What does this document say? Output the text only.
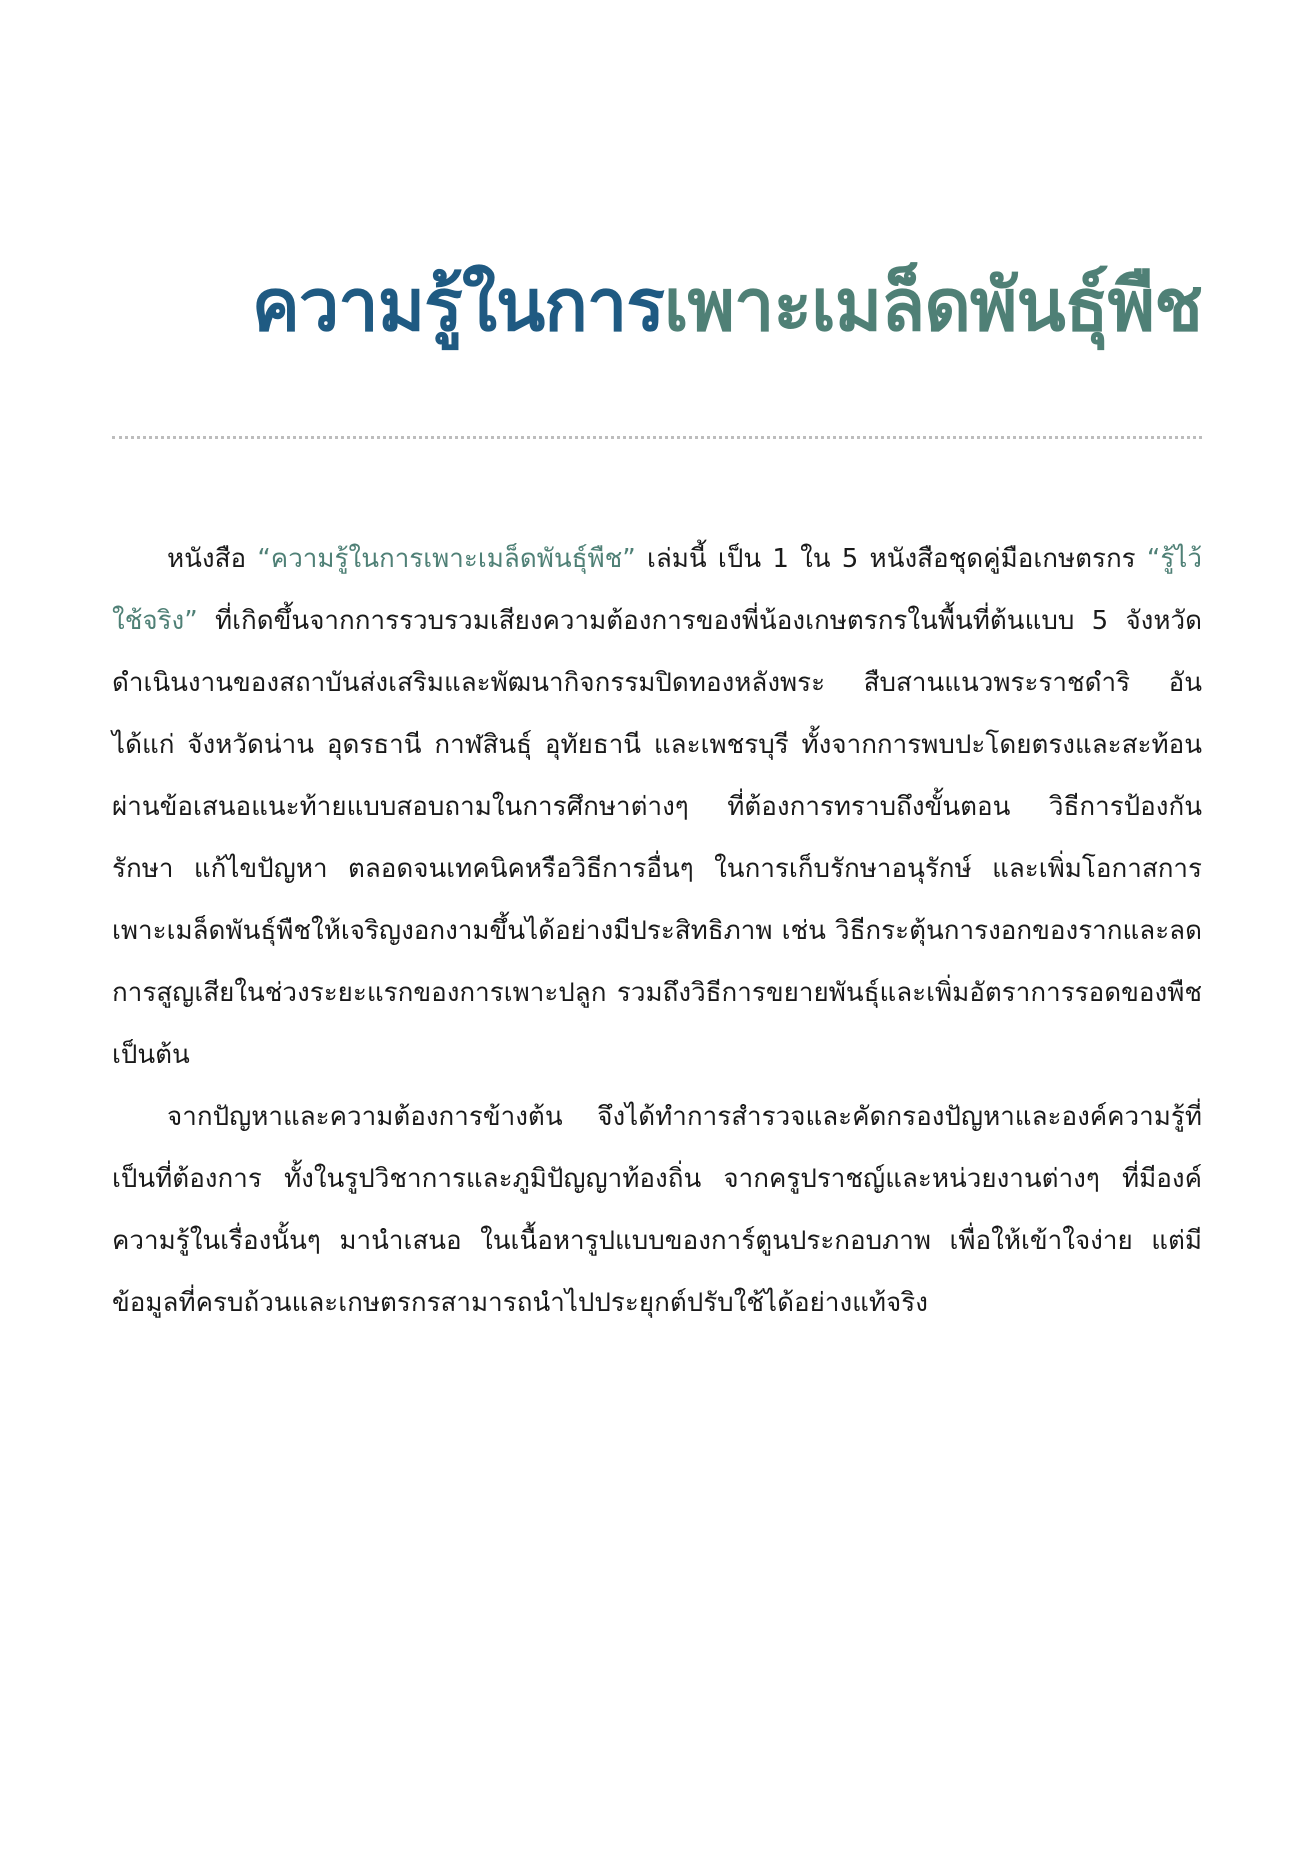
ความรู้ในการเพาะเมล็ดพันธุ์พืช

หนังสือ “ความรู้ในการเพาะเมล็ดพันธุ์พืช” เล่มนี้ เป็น 1 ใน 5 หนังสือชุดคู่มือเกษตรกร “รู้ไว้ใช้จริง” ที่เกิดขึ้นจากการรวบรวมเสียงความต้องการของพี่น้องเกษตรกรในพื้นที่ต้นแบบ 5 จังหวัดดำเนินงานของสถาบันส่งเสริมและพัฒนากิจกรรมปิดทองหลังพระ สืบสานแนวพระราชดำริ อันได้แก่ จังหวัดน่าน อุดรธานี กาฬสินธุ์ อุทัยธานี และเพชรบุรี ทั้งจากการพบปะโดยตรงและสะท้อนผ่านข้อเสนอแนะท้ายแบบสอบถามในการศึกษาต่างๆ ที่ต้องการทราบถึงขั้นตอน วิธีการป้องกันรักษา แก้ไขปัญหา ตลอดจนเทคนิคหรือวิธีการอื่นๆ ในการเก็บรักษาอนุรักษ์ และเพิ่มโอกาสการเพาะเมล็ดพันธุ์พืชให้เจริญงอกงามขึ้นได้อย่างมีประสิทธิภาพ เช่น วิธีกระตุ้นการงอกของรากและลดการสูญเสียในช่วงระยะแรกของการเพาะปลูก รวมถึงวิธีการขยายพันธุ์และเพิ่มอัตราการรอดของพืช เป็นต้น

จากปัญหาและความต้องการข้างต้น จึงได้ทำการสำรวจและคัดกรองปัญหาและองค์ความรู้ที่เป็นที่ต้องการ ทั้งในรูปวิชาการและภูมิปัญญาท้องถิ่น จากครูปราชญ์และหน่วยงานต่างๆ ที่มีองค์ความรู้ในเรื่องนั้นๆ มานำเสนอ ในเนื้อหารูปแบบของการ์ตูนประกอบภาพ เพื่อให้เข้าใจง่าย แต่มีข้อมูลที่ครบถ้วนและเกษตรกรสามารถนำไปประยุกต์ปรับใช้ได้อย่างแท้จริง
